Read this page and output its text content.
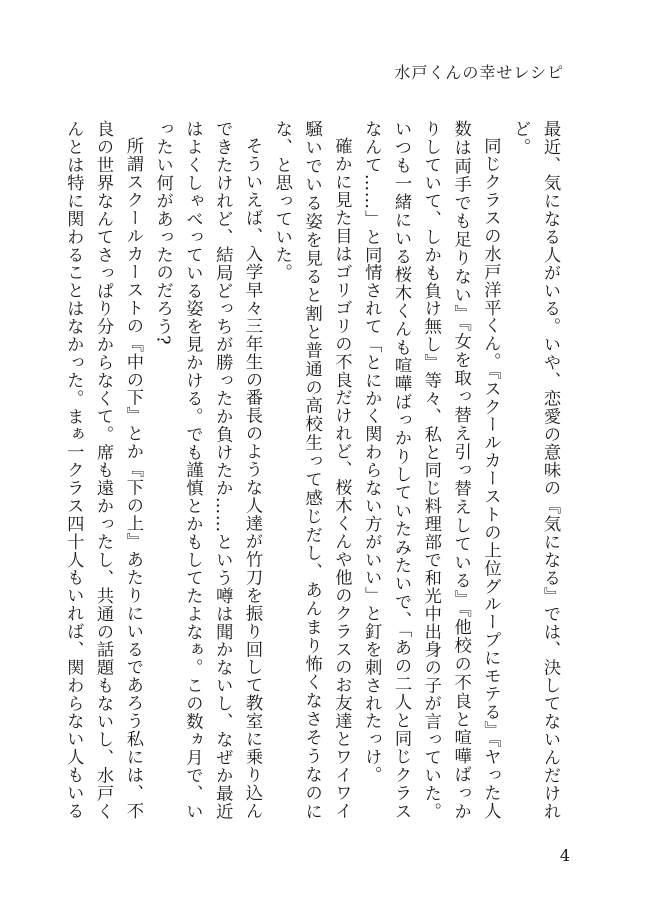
水戸くんの幸せレシピ

最近、気になる人がいる。いや、恋愛の意味の『気になる』では、決してないんだけれど。

同じクラスの水戸洋平くん。『スクールカーストの上位グループにモテる』『ヤった人数は両手でも足りない』『女を取っ替え引っ替えしている』『他校の不良と喧嘩ばっかりしていて、しかも負け無し』等々、私と同じ料理部で和光中出身の子が言っていた。いつも一緒にいる桜木くんも喧嘩ばっかりしていたみたいで、「あの二人と同じクラスなんて……」と同情されて「とにかく関わらない方がいい」と釘を刺されたっけ。

確かに見た目はゴリゴリの不良だけれど、桜木くんや他のクラスのお友達とワイワイ騒いでいる姿を見ると割と普通の高校生って感じだし、あんまり怖くなさそうなのにな、と思っていた。

そういえば、入学早々三年生の番長のような人達が竹刀を振り回して教室に乗り込んできたけれど、結局どっちが勝ったか負けたか……という噂は聞かないし、なぜか最近はよくしゃべっている姿を見かける。でも謹慎とかもしてたよなぁ。この数ヵ月で、いったい何があったのだろう?

所謂スクールカーストの『中の下』とか『下の上』あたりにいるであろう私には、不良の世界なんてさっぱり分からなくて。席も遠かったし、共通の話題もないし、水戸くんとは特に関わることはなかった。まぁ一クラス四十人もいれば、関わらない人もいる

4
